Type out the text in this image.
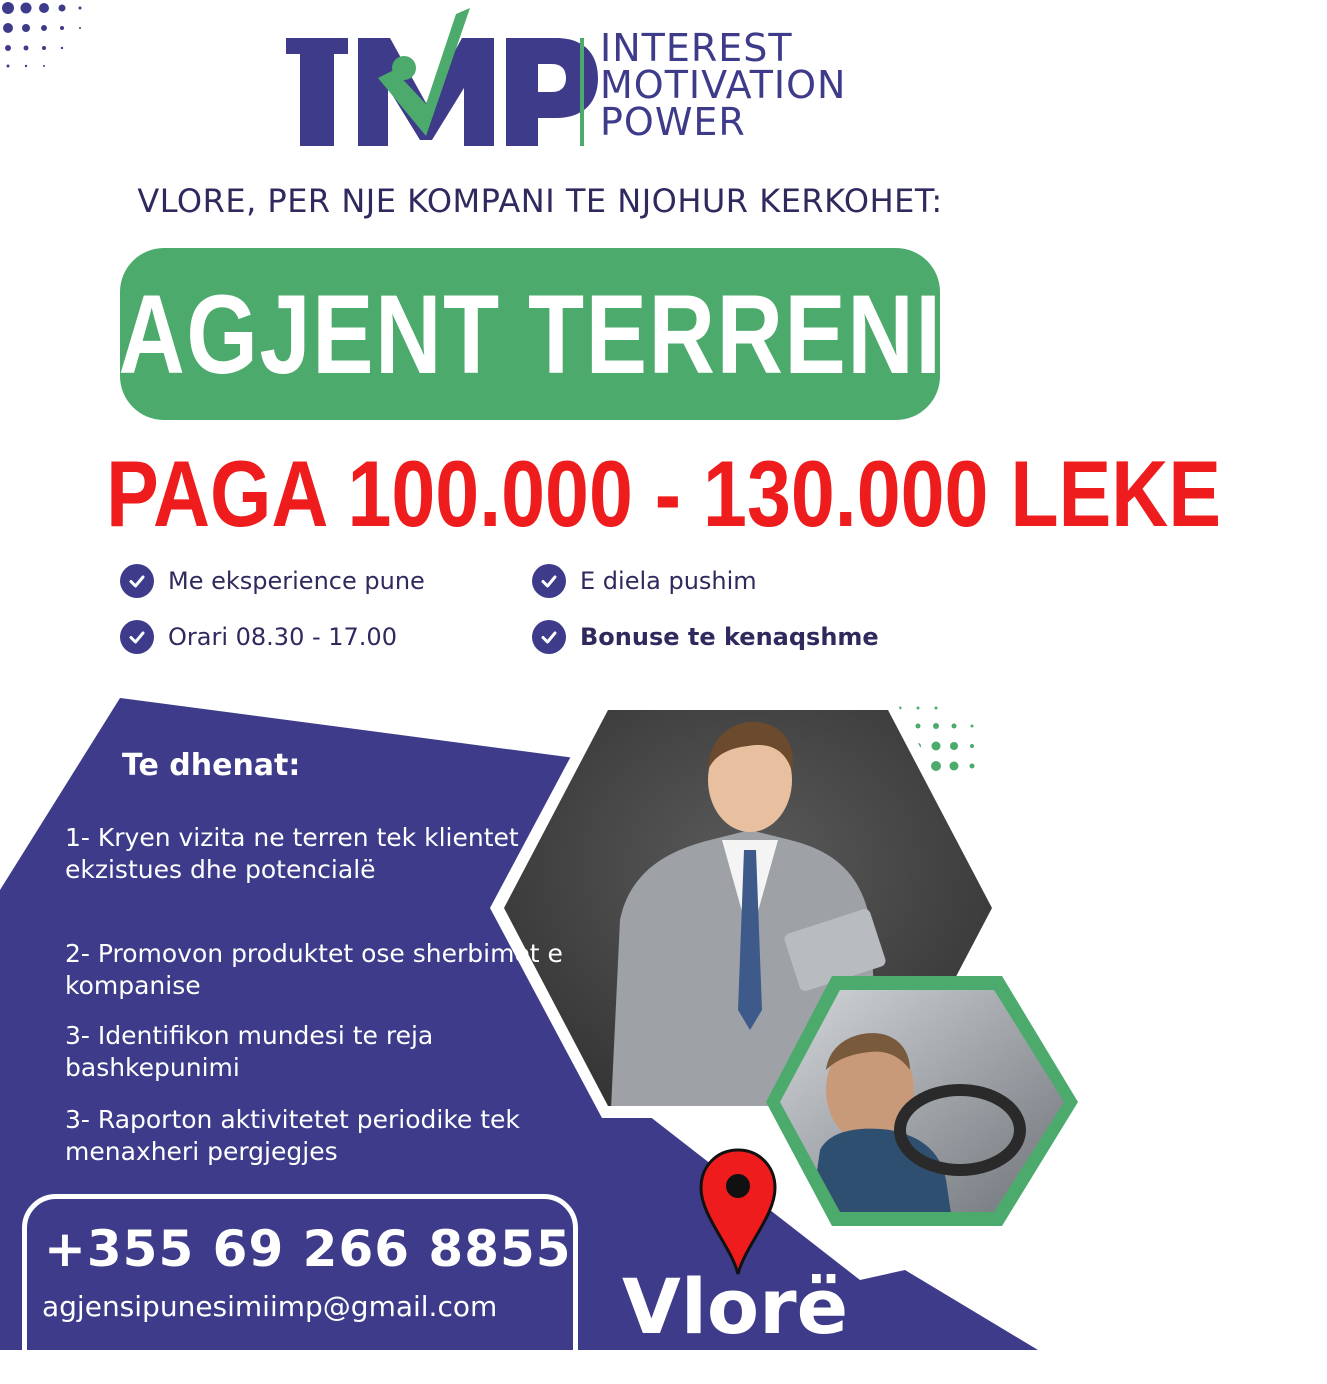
INTEREST
MOTIVATION
POWER
VLORE, PER NJE KOMPANI TE NJOHUR KERKOHET:
AGJENT TERRENI
PAGA 100.000 - 130.000 LEKE
Me eksperience pune	E diela pushim
Orari 08.30 - 17.00	Bonuse te kenaqshme
Te dhenat:
1- Kryen vizita ne terren tek klientet ekzistues dhe potencialë
2- Promovon produktet ose sherbimet e kompanise
3- Identifikon mundesi te reja bashkepunimi
3- Raporton aktivitetet periodike tek menaxheri pergjegjes
+355 69 266 8855
agjensipunesimiimp@gmail.com Vlorë
